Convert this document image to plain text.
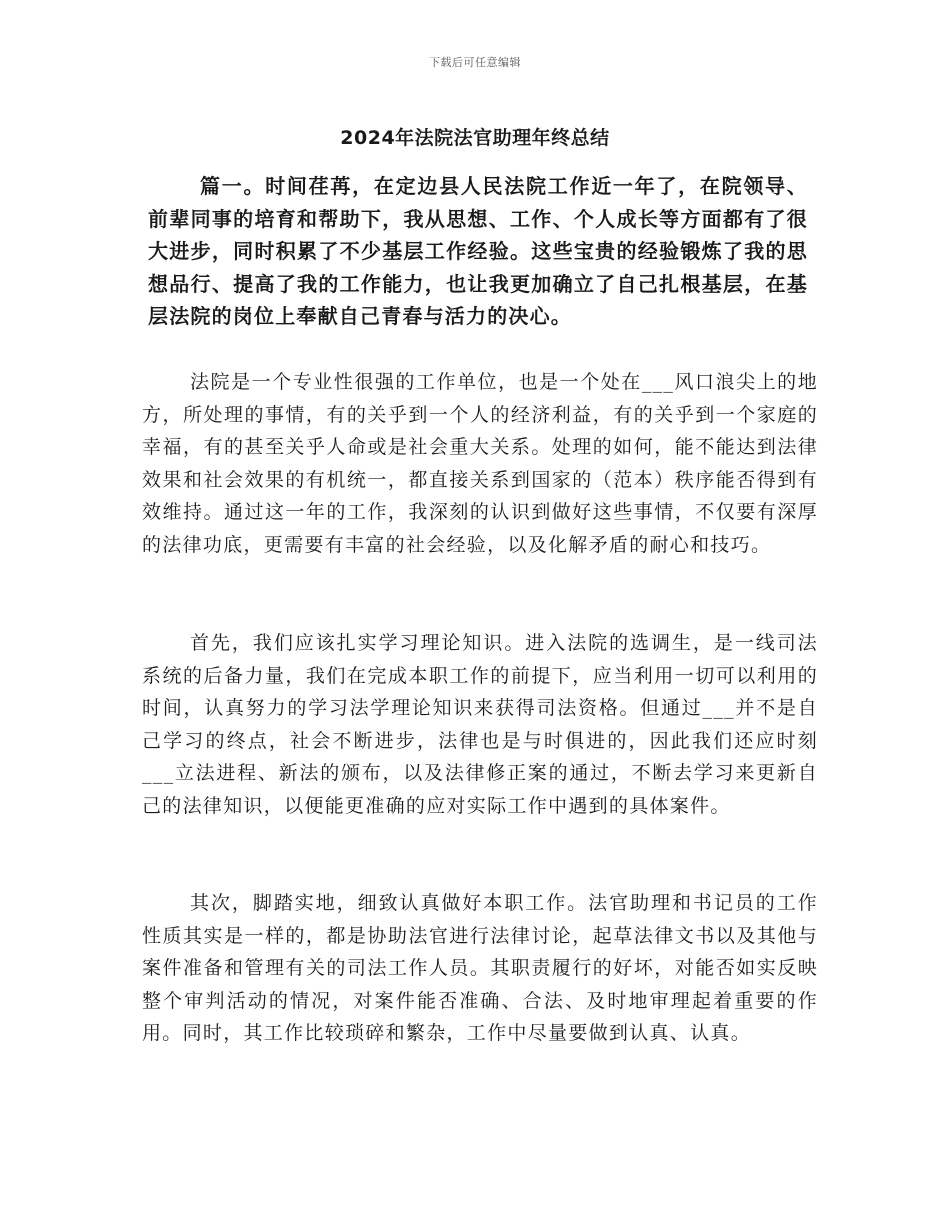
下载后可任意编辑
2024年法院法官助理年终总结
篇一。时间荏苒，在定边县人民法院工作近一年了，在院领导、前辈同事的培育和帮助下，我从思想、工作、个人成长等方面都有了很大进步，同时积累了不少基层工作经验。这些宝贵的经验锻炼了我的思想品行、提高了我的工作能力，也让我更加确立了自己扎根基层，在基层法院的岗位上奉献自己青春与活力的决心。
法院是一个专业性很强的工作单位，也是一个处在___风口浪尖上的地方，所处理的事情，有的关乎到一个人的经济利益，有的关乎到一个家庭的幸福，有的甚至关乎人命或是社会重大关系。处理的如何，能不能达到法律效果和社会效果的有机统一，都直接关系到国家的（范本）秩序能否得到有效维持。通过这一年的工作，我深刻的认识到做好这些事情，不仅要有深厚的法律功底，更需要有丰富的社会经验，以及化解矛盾的耐心和技巧。
首先，我们应该扎实学习理论知识。进入法院的选调生，是一线司法系统的后备力量，我们在完成本职工作的前提下，应当利用一切可以利用的时间，认真努力的学习法学理论知识来获得司法资格。但通过___并不是自己学习的终点，社会不断进步，法律也是与时俱进的，因此我们还应时刻___立法进程、新法的颁布，以及法律修正案的通过，不断去学习来更新自己的法律知识，以便能更准确的应对实际工作中遇到的具体案件。
其次，脚踏实地，细致认真做好本职工作。法官助理和书记员的工作性质其实是一样的，都是协助法官进行法律讨论，起草法律文书以及其他与案件准备和管理有关的司法工作人员。其职责履行的好坏，对能否如实反映整个审判活动的情况，对案件能否准确、合法、及时地审理起着重要的作用。同时，其工作比较琐碎和繁杂，工作中尽量要做到认真、认真。
